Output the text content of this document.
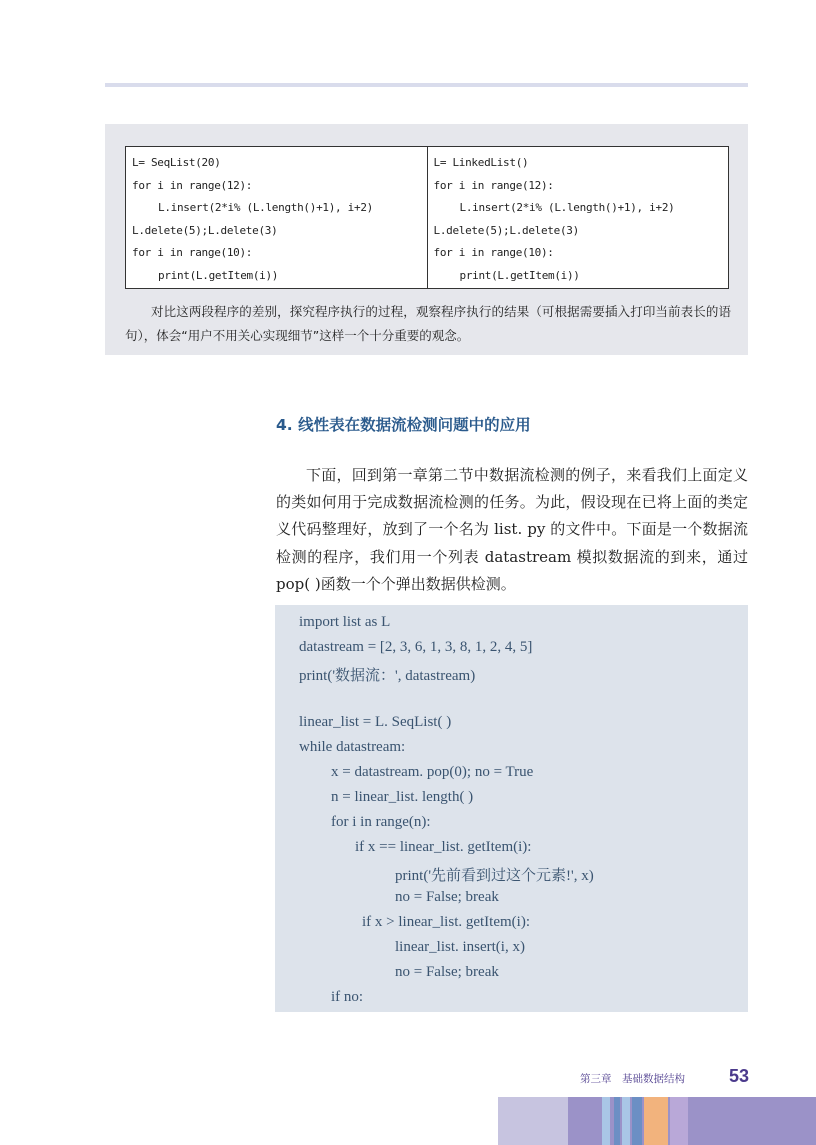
L= SeqList(20)
for i in range(12):
L.insert(2*i% (L.length()+1), i+2)
L.delete(5);L.delete(3)
for i in range(10):
print(L.getItem(i))
L= LinkedList()
for i in range(12):
L.insert(2*i% (L.length()+1), i+2)
L.delete(5);L.delete(3)
for i in range(10):
print(L.getItem(i))
对比这两段程序的差别，探究程序执行的过程，观察程序执行的结果（可根据需要插入打印当前表长的语句），体会“用户不用关心实现细节”这样一个十分重要的观念。
4. 线性表在数据流检测问题中的应用
下面，回到第一章第二节中数据流检测的例子，来看我们上面定义的类如何用于完成数据流检测的任务。为此，假设现在已将上面的类定义代码整理好，放到了一个名为 list. py 的文件中。下面是一个数据流检测的程序，我们用一个列表 datastream 模拟数据流的到来，通过 pop( )函数一个个弹出数据供检测。
import list as L
datastream = [2, 3, 6, 1, 3, 8, 1, 2, 4, 5]
print('数据流：', datastream)
linear_list = L. SeqList( )
while datastream:
x = datastream. pop(0); no = True
n = linear_list. length( )
for i in range(n):
if x == linear_list. getItem(i):
print('先前看到过这个元素!', x)
no = False; break
if x > linear_list. getItem(i):
linear_list. insert(i, x)
no = False; break
if no:
第三章　基础数据结构 53
